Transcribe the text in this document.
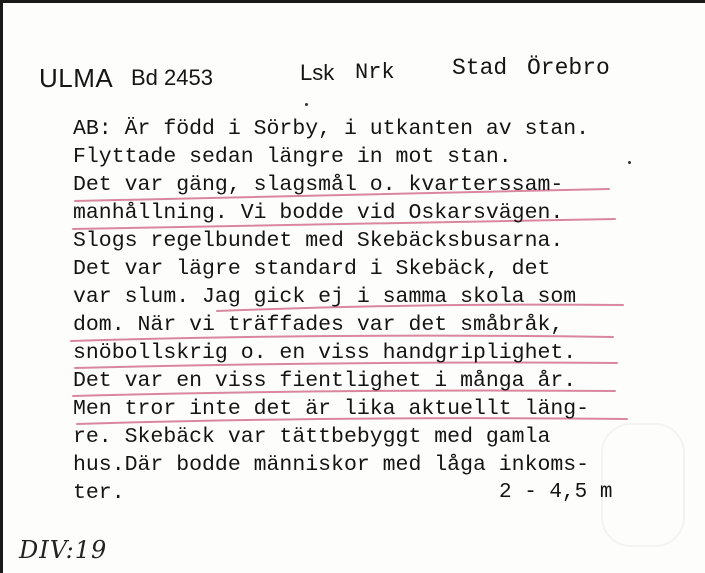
ULMA Bd 2453	Lsk Nrk Stad Örebro
AB: Är född i Sörby, i utkanten av stan.
Flyttade sedan längre in mot stan.
Det var gäng, slagsmål o. kvarterssam-
manhållning. Vi bodde vid Oskarsvägen.
Slogs regelbundet med Skebäcksbusarna.
Det var lägre standard i Skebäck, det
var slum. Jag gick ej i samma skola som
dom. När vi träffades var det småbråk,
snöbollskrig o. en viss handgriplighet.
Det var en viss fientlighet i många år.
Men tror inte det är lika aktuellt läng-
re. Skebäck var tättbebyggt med gamla
hus.Där bodde människor med låga inkoms-
ter.	2 - 4,5 m
DIV:19
